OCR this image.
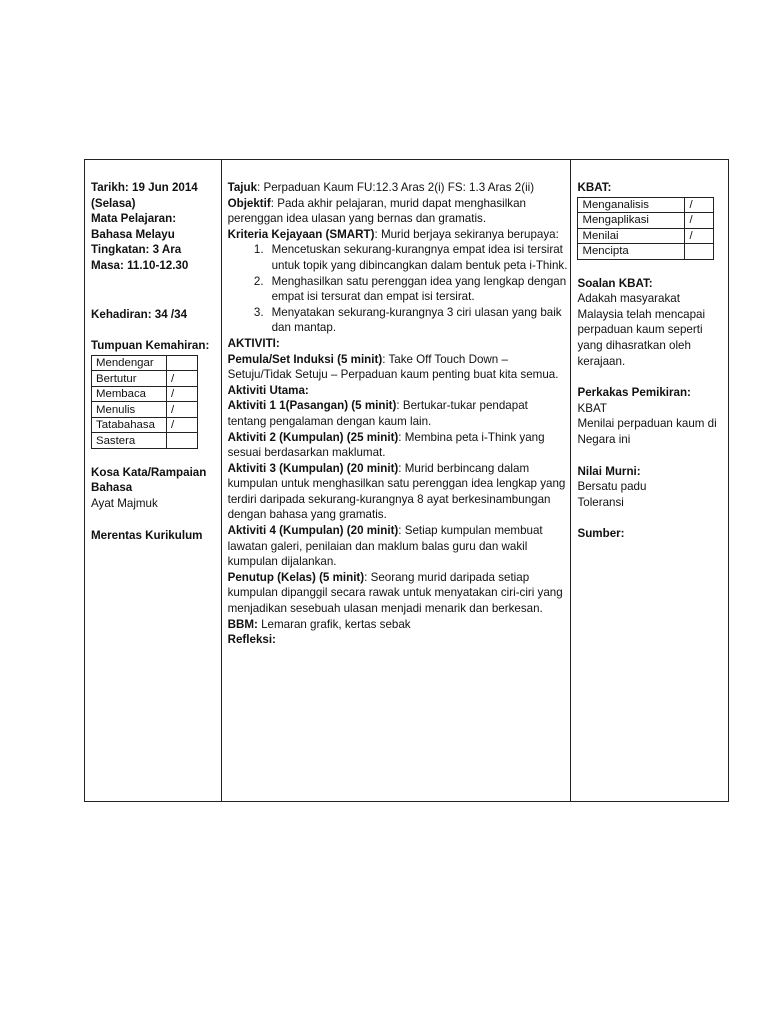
Tarikh: 19 Jun 2014
(Selasa)
Mata Pelajaran:
Bahasa Melayu
Tingkatan: 3 Ara
Masa: 11.10-12.30
Kehadiran: 34 /34
Tumpuan Kemahiran:
Mendengar	
Bertutur	/
Membaca	/
Menulis	/
Tatabahasa	/
Sastera	
Kosa Kata/Rampaian
Bahasa
Ayat Majmuk
Merentas Kurikulum
Tajuk: Perpaduan Kaum FU:12.3 Aras 2(i) FS: 1.3 Aras 2(ii)
Objektif: Pada akhir pelajaran, murid dapat menghasilkan perenggan idea ulasan yang bernas dan gramatis.
Kriteria Kejayaan (SMART): Murid berjaya sekiranya berupaya:
1. Mencetuskan sekurang-kurangnya empat idea isi tersirat untuk topik yang dibincangkan dalam bentuk peta i-Think.
2. Menghasilkan satu perenggan idea yang lengkap dengan empat isi tersurat dan empat isi tersirat.
3. Menyatakan sekurang-kurangnya 3 ciri ulasan yang baik dan mantap.
AKTIVITI:
Pemula/Set Induksi (5 minit): Take Off Touch Down – Setuju/Tidak Setuju – Perpaduan kaum penting buat kita semua.
Aktiviti Utama:
Aktiviti 1 1(Pasangan) (5 minit): Bertukar-tukar pendapat tentang pengalaman dengan kaum lain.
Aktiviti 2 (Kumpulan) (25 minit): Membina peta i-Think yang sesuai berdasarkan maklumat.
Aktiviti 3 (Kumpulan) (20 minit): Murid berbincang dalam kumpulan untuk menghasilkan satu perenggan idea lengkap yang terdiri daripada sekurang-kurangnya 8 ayat berkesinambungan dengan bahasa yang gramatis.
Aktiviti 4 (Kumpulan) (20 minit): Setiap kumpulan membuat lawatan galeri, penilaian dan maklum balas guru dan wakil kumpulan dijalankan.
Penutup (Kelas) (5 minit): Seorang murid daripada setiap kumpulan dipanggil secara rawak untuk menyatakan ciri-ciri yang menjadikan sesebuah ulasan menjadi menarik dan berkesan.
BBM: Lemaran grafik, kertas sebak
Refleksi:
KBAT:
Menganalisis	/
Mengaplikasi	/
Menilai	/
Mencipta	
Soalan KBAT:
Adakah masyarakat Malaysia telah mencapai perpaduan kaum seperti yang dihasratkan oleh kerajaan.
Perkakas Pemikiran:
KBAT
Menilai perpaduan kaum di Negara ini
Nilai Murni:
Bersatu padu
Toleransi
Sumber:
